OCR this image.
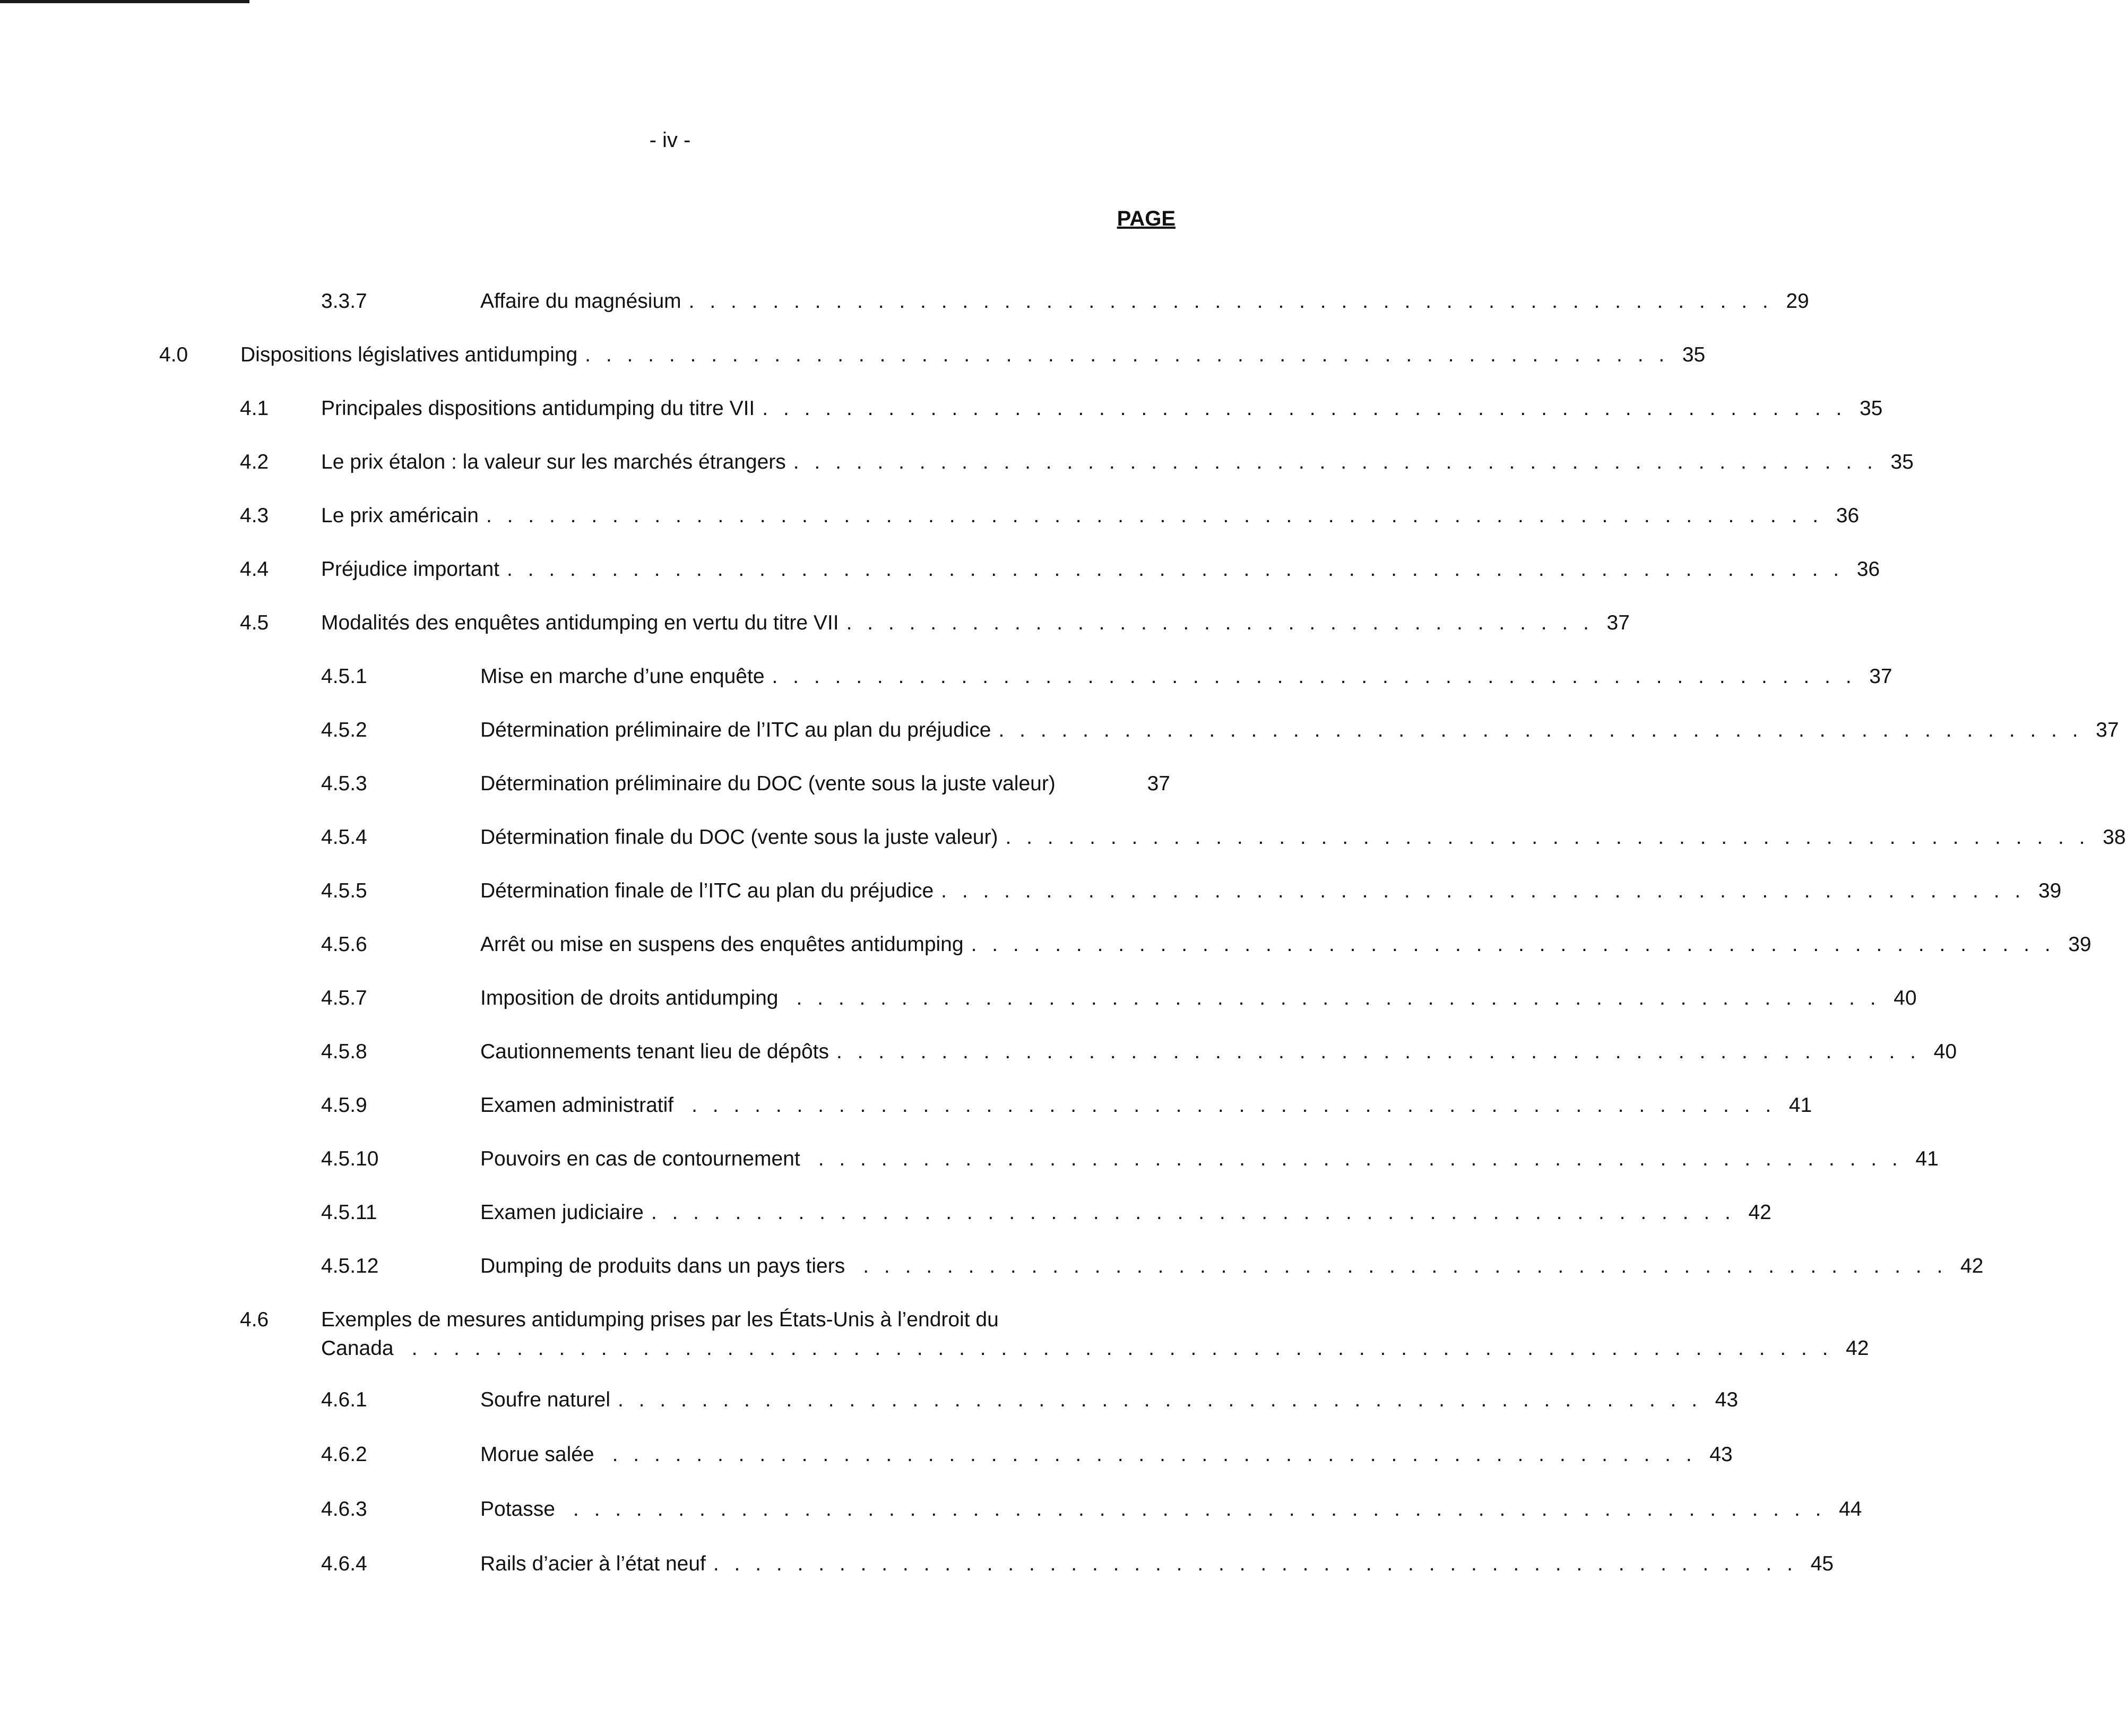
- iv -
PAGE
3.3.7	Affaire du magnésium . . . . . . . . . . . . . . . . . . . . . . . . . . . . . . . . . . . . . . . . . . . . . . . . . . . . 29
4.0	Dispositions législatives antidumping . . . . . . . . . . . . . . . . . . . . . . . . . . . . . . . . . . . . . . . . . . . . . . . . . . . . 35
4.1	Principales dispositions antidumping du titre VII . . . . . . . . . . . . . . . . . . . . . . . . . . . . . . . . . . . . . . . . . . . . . . . . . . . . 35
4.2	Le prix étalon : la valeur sur les marchés étrangers . . . . . . . . . . . . . . . . . . . . . . . . . . . . . . . . . . . . . . . . . . . . . . . . . . . . 35
4.3	Le prix américain . . . . . . . . . . . . . . . . . . . . . . . . . . . . . . . . . . . . . . . . . . . . . . . . . . . . . . . . . . . . . . . . 36
4.4	Préjudice important . . . . . . . . . . . . . . . . . . . . . . . . . . . . . . . . . . . . . . . . . . . . . . . . . . . . . . . . . . . . . . . . 36
4.5	Modalités des enquêtes antidumping en vertu du titre VII . . . . . . . . . . . . . . . . . . . . . . . . . . . . . . . . . . . . 37
4.5.1	Mise en marche d’une enquête . . . . . . . . . . . . . . . . . . . . . . . . . . . . . . . . . . . . . . . . . . . . . . . . . . . . 37
4.5.2	Détermination préliminaire de l’ITC au plan du préjudice . . . . . . . . . . . . . . . . . . . . . . . . . . . . . . . . . . . . . . . . . . . . . . . . . . . . 37
4.5.3	Détermination préliminaire du DOC (vente sous la juste valeur)	37
4.5.4	Détermination finale du DOC (vente sous la juste valeur) . . . . . . . . . . . . . . . . . . . . . . . . . . . . . . . . . . . . . . . . . . . . . . . . . . . . 38
4.5.5	Détermination finale de l’ITC au plan du préjudice . . . . . . . . . . . . . . . . . . . . . . . . . . . . . . . . . . . . . . . . . . . . . . . . . . . . 39
4.5.6	Arrêt ou mise en suspens des enquêtes antidumping . . . . . . . . . . . . . . . . . . . . . . . . . . . . . . . . . . . . . . . . . . . . . . . . . . . . 39
4.5.7	Imposition de droits antidumping . . . . . . . . . . . . . . . . . . . . . . . . . . . . . . . . . . . . . . . . . . . . . . . . . . . . 40
4.5.8	Cautionnements tenant lieu de dépôts . . . . . . . . . . . . . . . . . . . . . . . . . . . . . . . . . . . . . . . . . . . . . . . . . . . . 40
4.5.9	Examen administratif . . . . . . . . . . . . . . . . . . . . . . . . . . . . . . . . . . . . . . . . . . . . . . . . . . . . 41
4.5.10	Pouvoirs en cas de contournement . . . . . . . . . . . . . . . . . . . . . . . . . . . . . . . . . . . . . . . . . . . . . . . . . . . . 41
4.5.11	Examen judiciaire . . . . . . . . . . . . . . . . . . . . . . . . . . . . . . . . . . . . . . . . . . . . . . . . . . . . 42
4.5.12	Dumping de produits dans un pays tiers . . . . . . . . . . . . . . . . . . . . . . . . . . . . . . . . . . . . . . . . . . . . . . . . . . . . 42
4.6	Exemples de mesures antidumping prises par les États-Unis à l’endroit du
Canada . . . . . . . . . . . . . . . . . . . . . . . . . . . . . . . . . . . . . . . . . . . . . . . . . . . . . . . . . . . . . . . . . . . . 42
4.6.1	Soufre naturel . . . . . . . . . . . . . . . . . . . . . . . . . . . . . . . . . . . . . . . . . . . . . . . . . . . . 43
4.6.2	Morue salée . . . . . . . . . . . . . . . . . . . . . . . . . . . . . . . . . . . . . . . . . . . . . . . . . . . . 43
4.6.3	Potasse . . . . . . . . . . . . . . . . . . . . . . . . . . . . . . . . . . . . . . . . . . . . . . . . . . . . . . . . . . . . 44
4.6.4	Rails d’acier à l’état neuf . . . . . . . . . . . . . . . . . . . . . . . . . . . . . . . . . . . . . . . . . . . . . . . . . . . . 45
